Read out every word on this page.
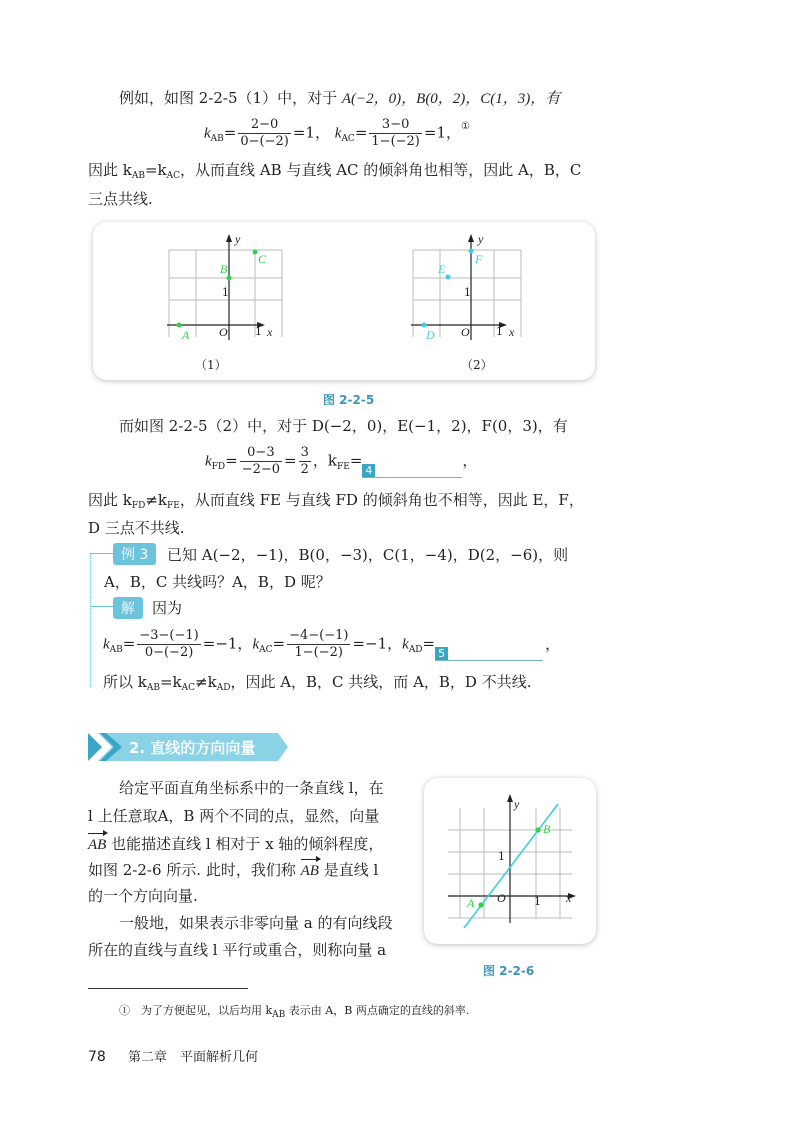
例如，如图 2-2-5（1）中，对于 A(−2，0)，B(0，2)，C(1，3)，有
$k_{AB}= \frac{2-0}{0-(-2)} =1$， $k_{AC}= \frac{3-0}{1-(-2)} =1$，①
因此 $k_{AB}=k_{AC}$，从而直线 AB 与直线 AC 的倾斜角也相等，因此 A，B，C
三点共线.
y
x
O 1
1
A
B
C
（1）
y
x
O 1
1
D
E
F
（2）
图 2-2-5
而如图 2-2-5（2）中，对于 D(−2，0)，E(−1，2)，F(0，3)，有
$k_{FD}= \frac{0-3}{-2-0} = \frac{3}{2}$ ，$k_{FE}=4$，
因此 $k_{FD}\ne k_{FE}$，从而直线 FE 与直线 FD 的倾斜角也不相等，因此 E，F，
D 三点不共线.
例 3	已知 A(−2，−1)，B(0，−3)，C(1，−4)，D(2，−6)，则
A，B，C 共线吗？A，B，D 呢？
解	因为
$k_{AB}= \frac{-3-(-1)}{0-(-2)} =-1$，$k_{AC}= \frac{-4-(-1)}{1-(-2)} =-1$，$k_{AD}=5$，
所以 $k_{AB}=k_{AC}\ne k_{AD}$，因此 A，B，C 共线，而 A，B，D 不共线.
2. 直线的方向向量
给定平面直角坐标系中的一条直线 l，在
l 上任意取A，B 两个不同的点，显然，向量
AB 也能描述直线 l 相对于 x 轴的倾斜程度，
如图 2-2-6 所示. 此时，我们称 AB 是直线 l
的一个方向向量.
一般地，如果表示非零向量 a 的有向线段
所在的直线与直线 l 平行或重合，则称向量 a
y
x
O	1
1
A
B
图 2-2-6
①　 为了方便起见，以后均用 $k_{AB}$ 表示由 A，B 两点确定的直线的斜率.
78 第二章　平面解析几何
